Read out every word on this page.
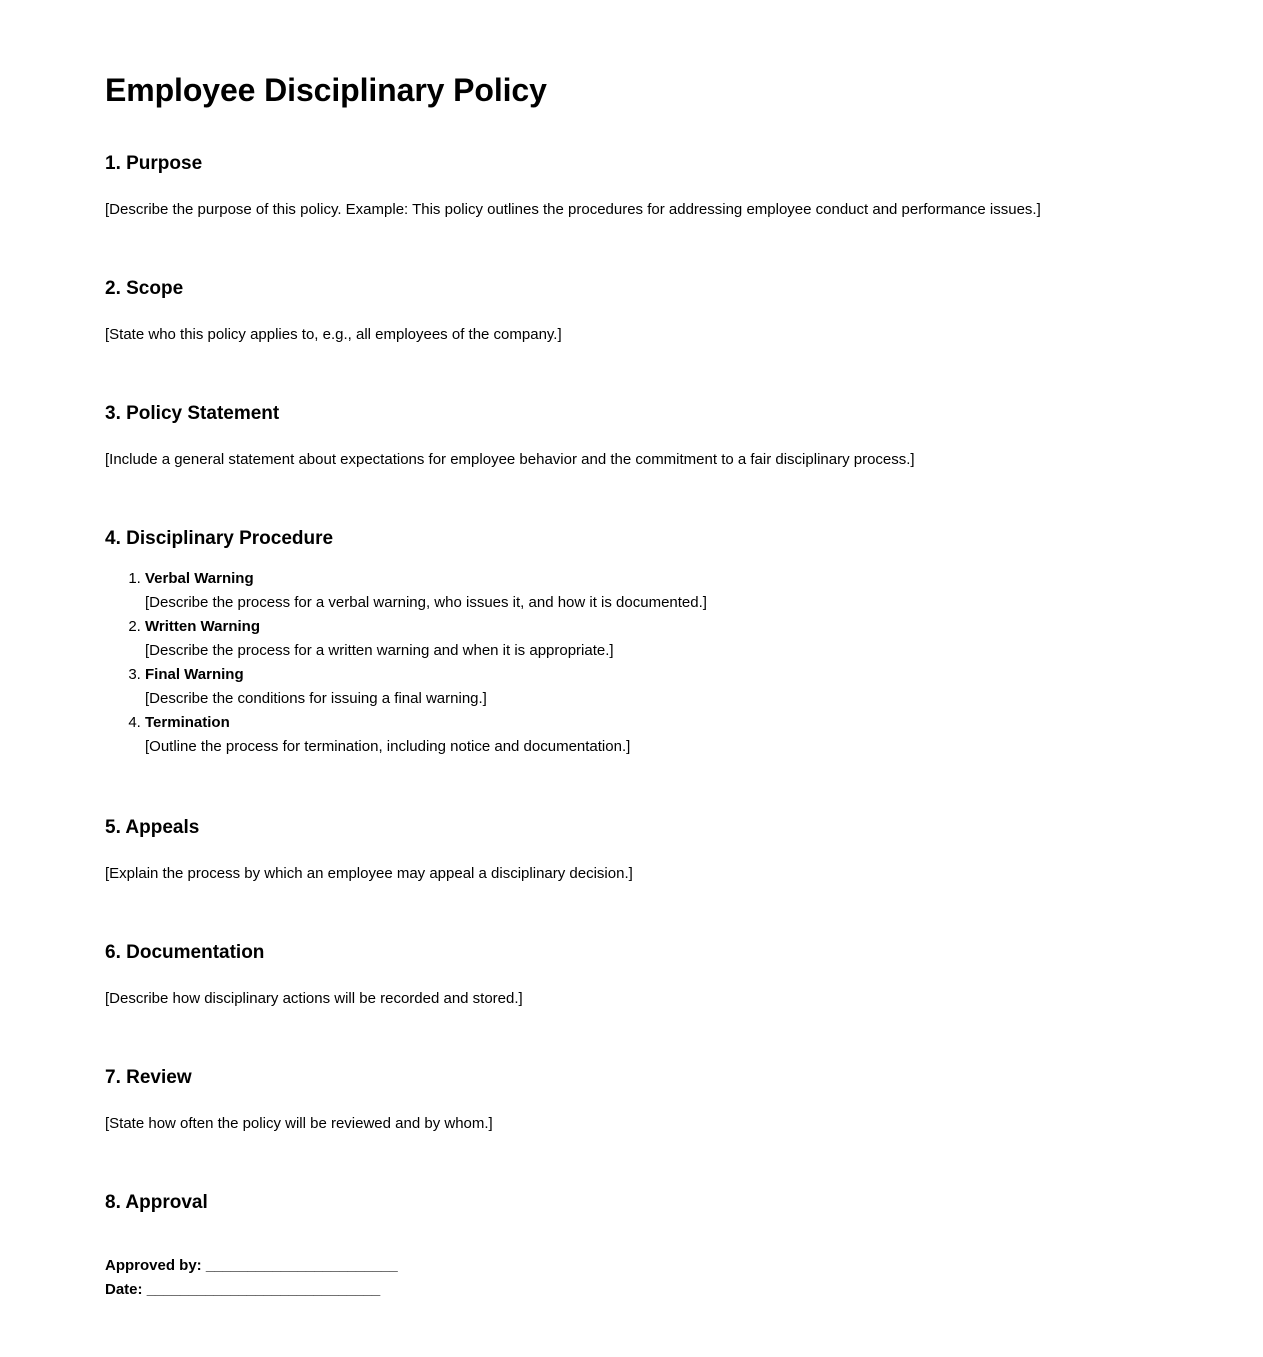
Employee Disciplinary Policy
1. Purpose

[Describe the purpose of this policy. Example: This policy outlines the procedures for addressing employee conduct and performance issues.]

2. Scope

[State who this policy applies to, e.g., all employees of the company.]

3. Policy Statement

[Include a general statement about expectations for employee behavior and the commitment to a fair disciplinary process.]

4. Disciplinary Procedure
1. Verbal Warning
[Describe the process for a verbal warning, who issues it, and how it is documented.]
2. Written Warning
[Describe the process for a written warning and when it is appropriate.]
3. Final Warning
[Describe the conditions for issuing a final warning.]
4. Termination
[Outline the process for termination, including notice and documentation.]
5. Appeals

[Explain the process by which an employee may appeal a disciplinary decision.]

6. Documentation

[Describe how disciplinary actions will be recorded and stored.]

7. Review

[State how often the policy will be reviewed and by whom.]

8. Approval

Approved by: _______________________
Date: ____________________________
